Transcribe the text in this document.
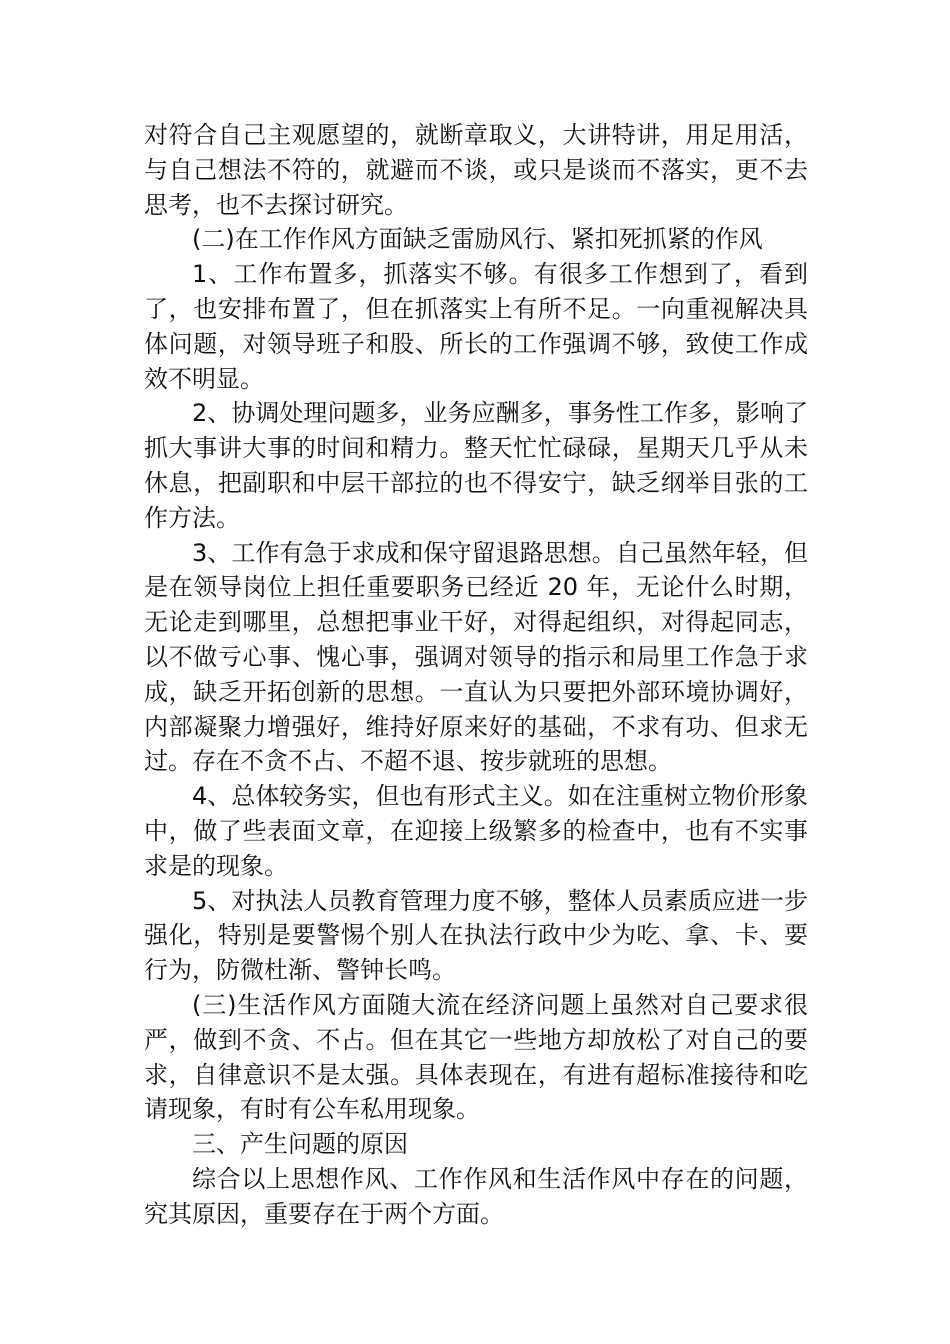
对符合自己主观愿望的，就断章取义，大讲特讲，用足用活，与自己想法不符的，就避而不谈，或只是谈而不落实，更不去思考，也不去探讨研究。

(二)在工作作风方面缺乏雷励风行、紧扣死抓紧的作风

1、工作布置多，抓落实不够。有很多工作想到了，看到了，也安排布置了，但在抓落实上有所不足。一向重视解决具体问题，对领导班子和股、所长的工作强调不够，致使工作成效不明显。

2、协调处理问题多，业务应酬多，事务性工作多，影响了抓大事讲大事的时间和精力。整天忙忙碌碌，星期天几乎从未休息，把副职和中层干部拉的也不得安宁，缺乏纲举目张的工作方法。

3、工作有急于求成和保守留退路思想。自己虽然年轻，但是在领导岗位上担任重要职务已经近 20 年，无论什么时期，无论走到哪里，总想把事业干好，对得起组织，对得起同志，以不做亏心事、愧心事，强调对领导的指示和局里工作急于求成，缺乏开拓创新的思想。一直认为只要把外部环境协调好，内部凝聚力增强好，维持好原来好的基础，不求有功、但求无过。存在不贪不占、不超不退、按步就班的思想。

4、总体较务实，但也有形式主义。如在注重树立物价形象中，做了些表面文章，在迎接上级繁多的检查中，也有不实事求是的现象。

5、对执法人员教育管理力度不够，整体人员素质应进一步强化，特别是要警惕个别人在执法行政中少为吃、拿、卡、要行为，防微杜渐、警钟长鸣。

(三)生活作风方面随大流在经济问题上虽然对自己要求很严，做到不贪、不占。但在其它一些地方却放松了对自己的要求，自律意识不是太强。具体表现在，有进有超标准接待和吃请现象，有时有公车私用现象。

三、产生问题的原因

综合以上思想作风、工作作风和生活作风中存在的问题，究其原因，重要存在于两个方面。
